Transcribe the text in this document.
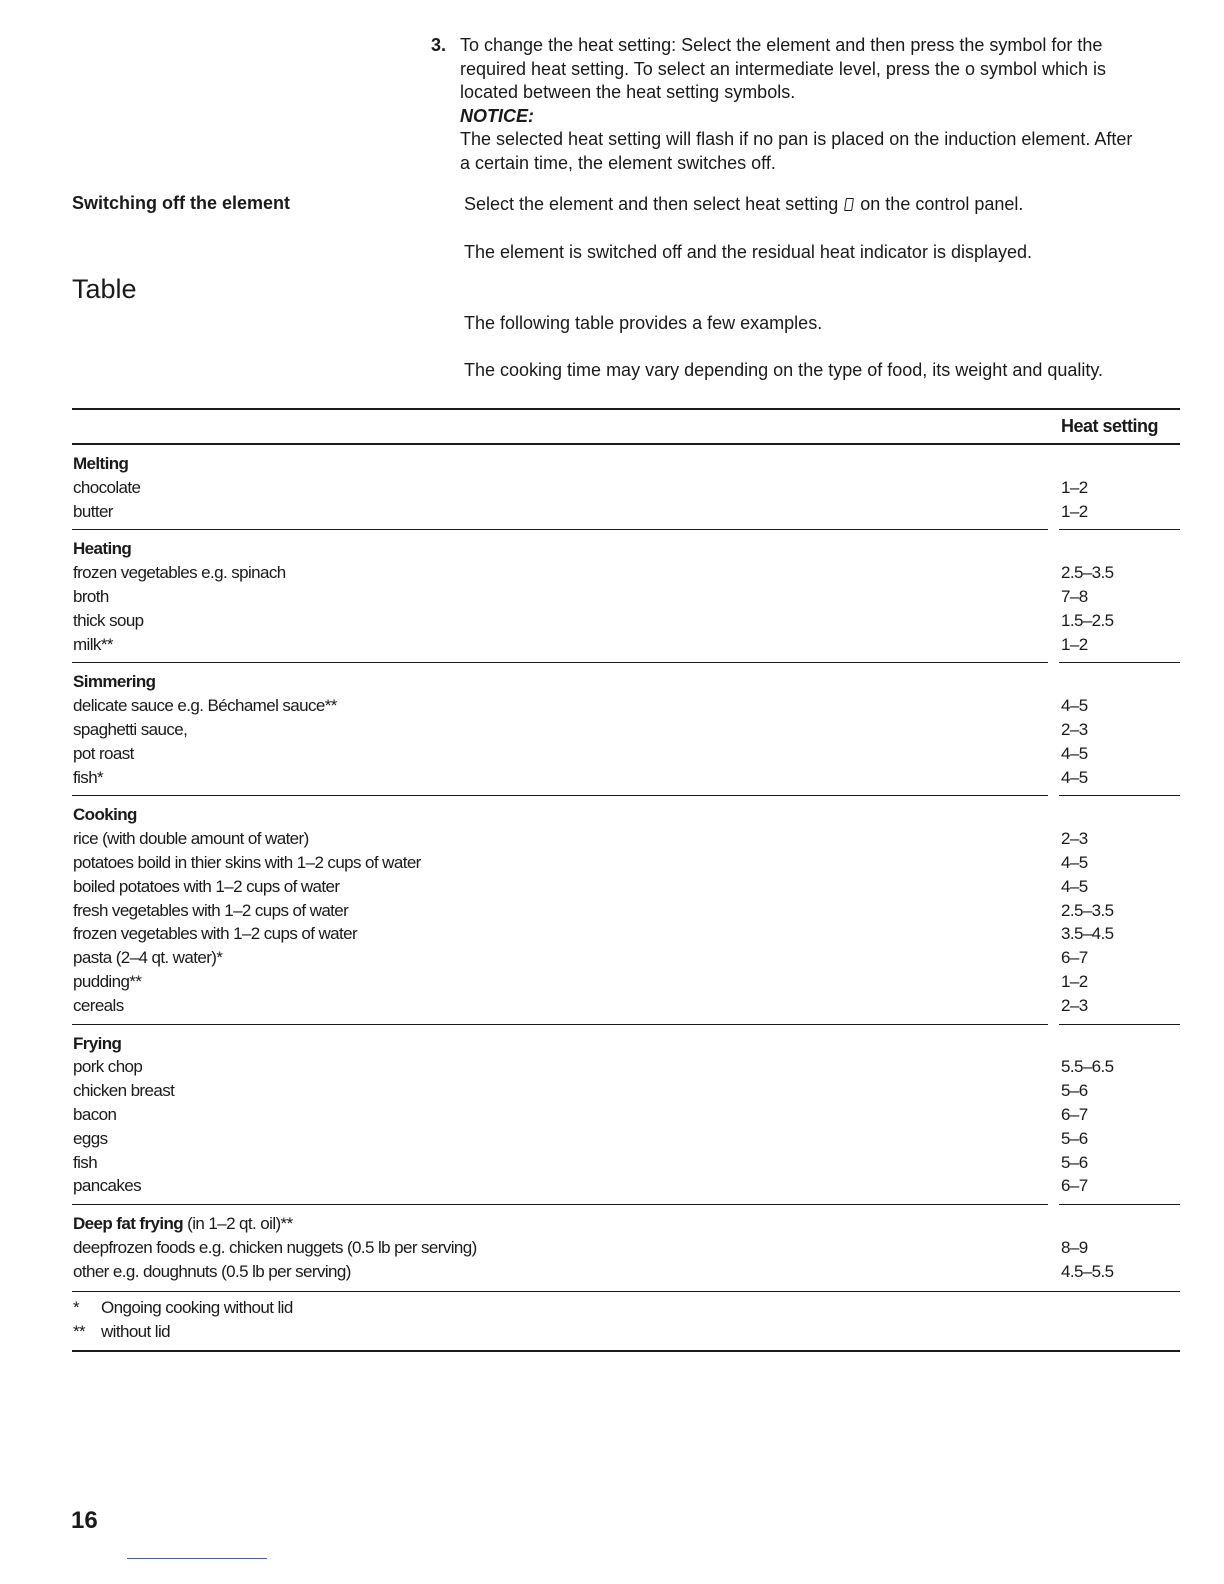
3. To change the heat setting: Select the element and then press the symbol for the
required heat setting. To select an intermediate level, press the o symbol which is
located between the heat setting symbols.
NOTICE:
The selected heat setting will flash if no pan is placed on the induction element. After
a certain time, the element switches off.
Switching off the element	Select the element and then select heat setting on the control panel.
The element is switched off and the residual heat indicator is displayed.
Table
The following table provides a few examples.
The cooking time may vary depending on the type of food, its weight and quality.
Heat setting
Melting
chocolate	1–2
butter	1–2
Heating
frozen vegetables e.g. spinach	2.5–3.5
broth	7–8
thick soup	1.5–2.5
milk**	1–2
Simmering
delicate sauce e.g. Béchamel sauce**	4–5
spaghetti sauce,	2–3
pot roast	4–5
fish*	4–5
Cooking
rice (with double amount of water)	2–3
potatoes boild in thier skins with 1–2 cups of water	4–5
boiled potatoes with 1–2 cups of water	4–5
fresh vegetables with 1–2 cups of water	2.5–3.5
frozen vegetables with 1–2 cups of water	3.5–4.5
pasta (2–4 qt. water)*	6–7
pudding**	1–2
cereals	2–3
Frying
pork chop	5.5–6.5
chicken breast	5–6
bacon	6–7
eggs	5–6
fish	5–6
pancakes	6–7
Deep fat frying (in 1–2 qt. oil)**
deepfrozen foods e.g. chicken nuggets (0.5 lb per serving)	8–9
other e.g. doughnuts (0.5 lb per serving)	4.5–5.5
* Ongoing cooking without lid
** without lid
16
